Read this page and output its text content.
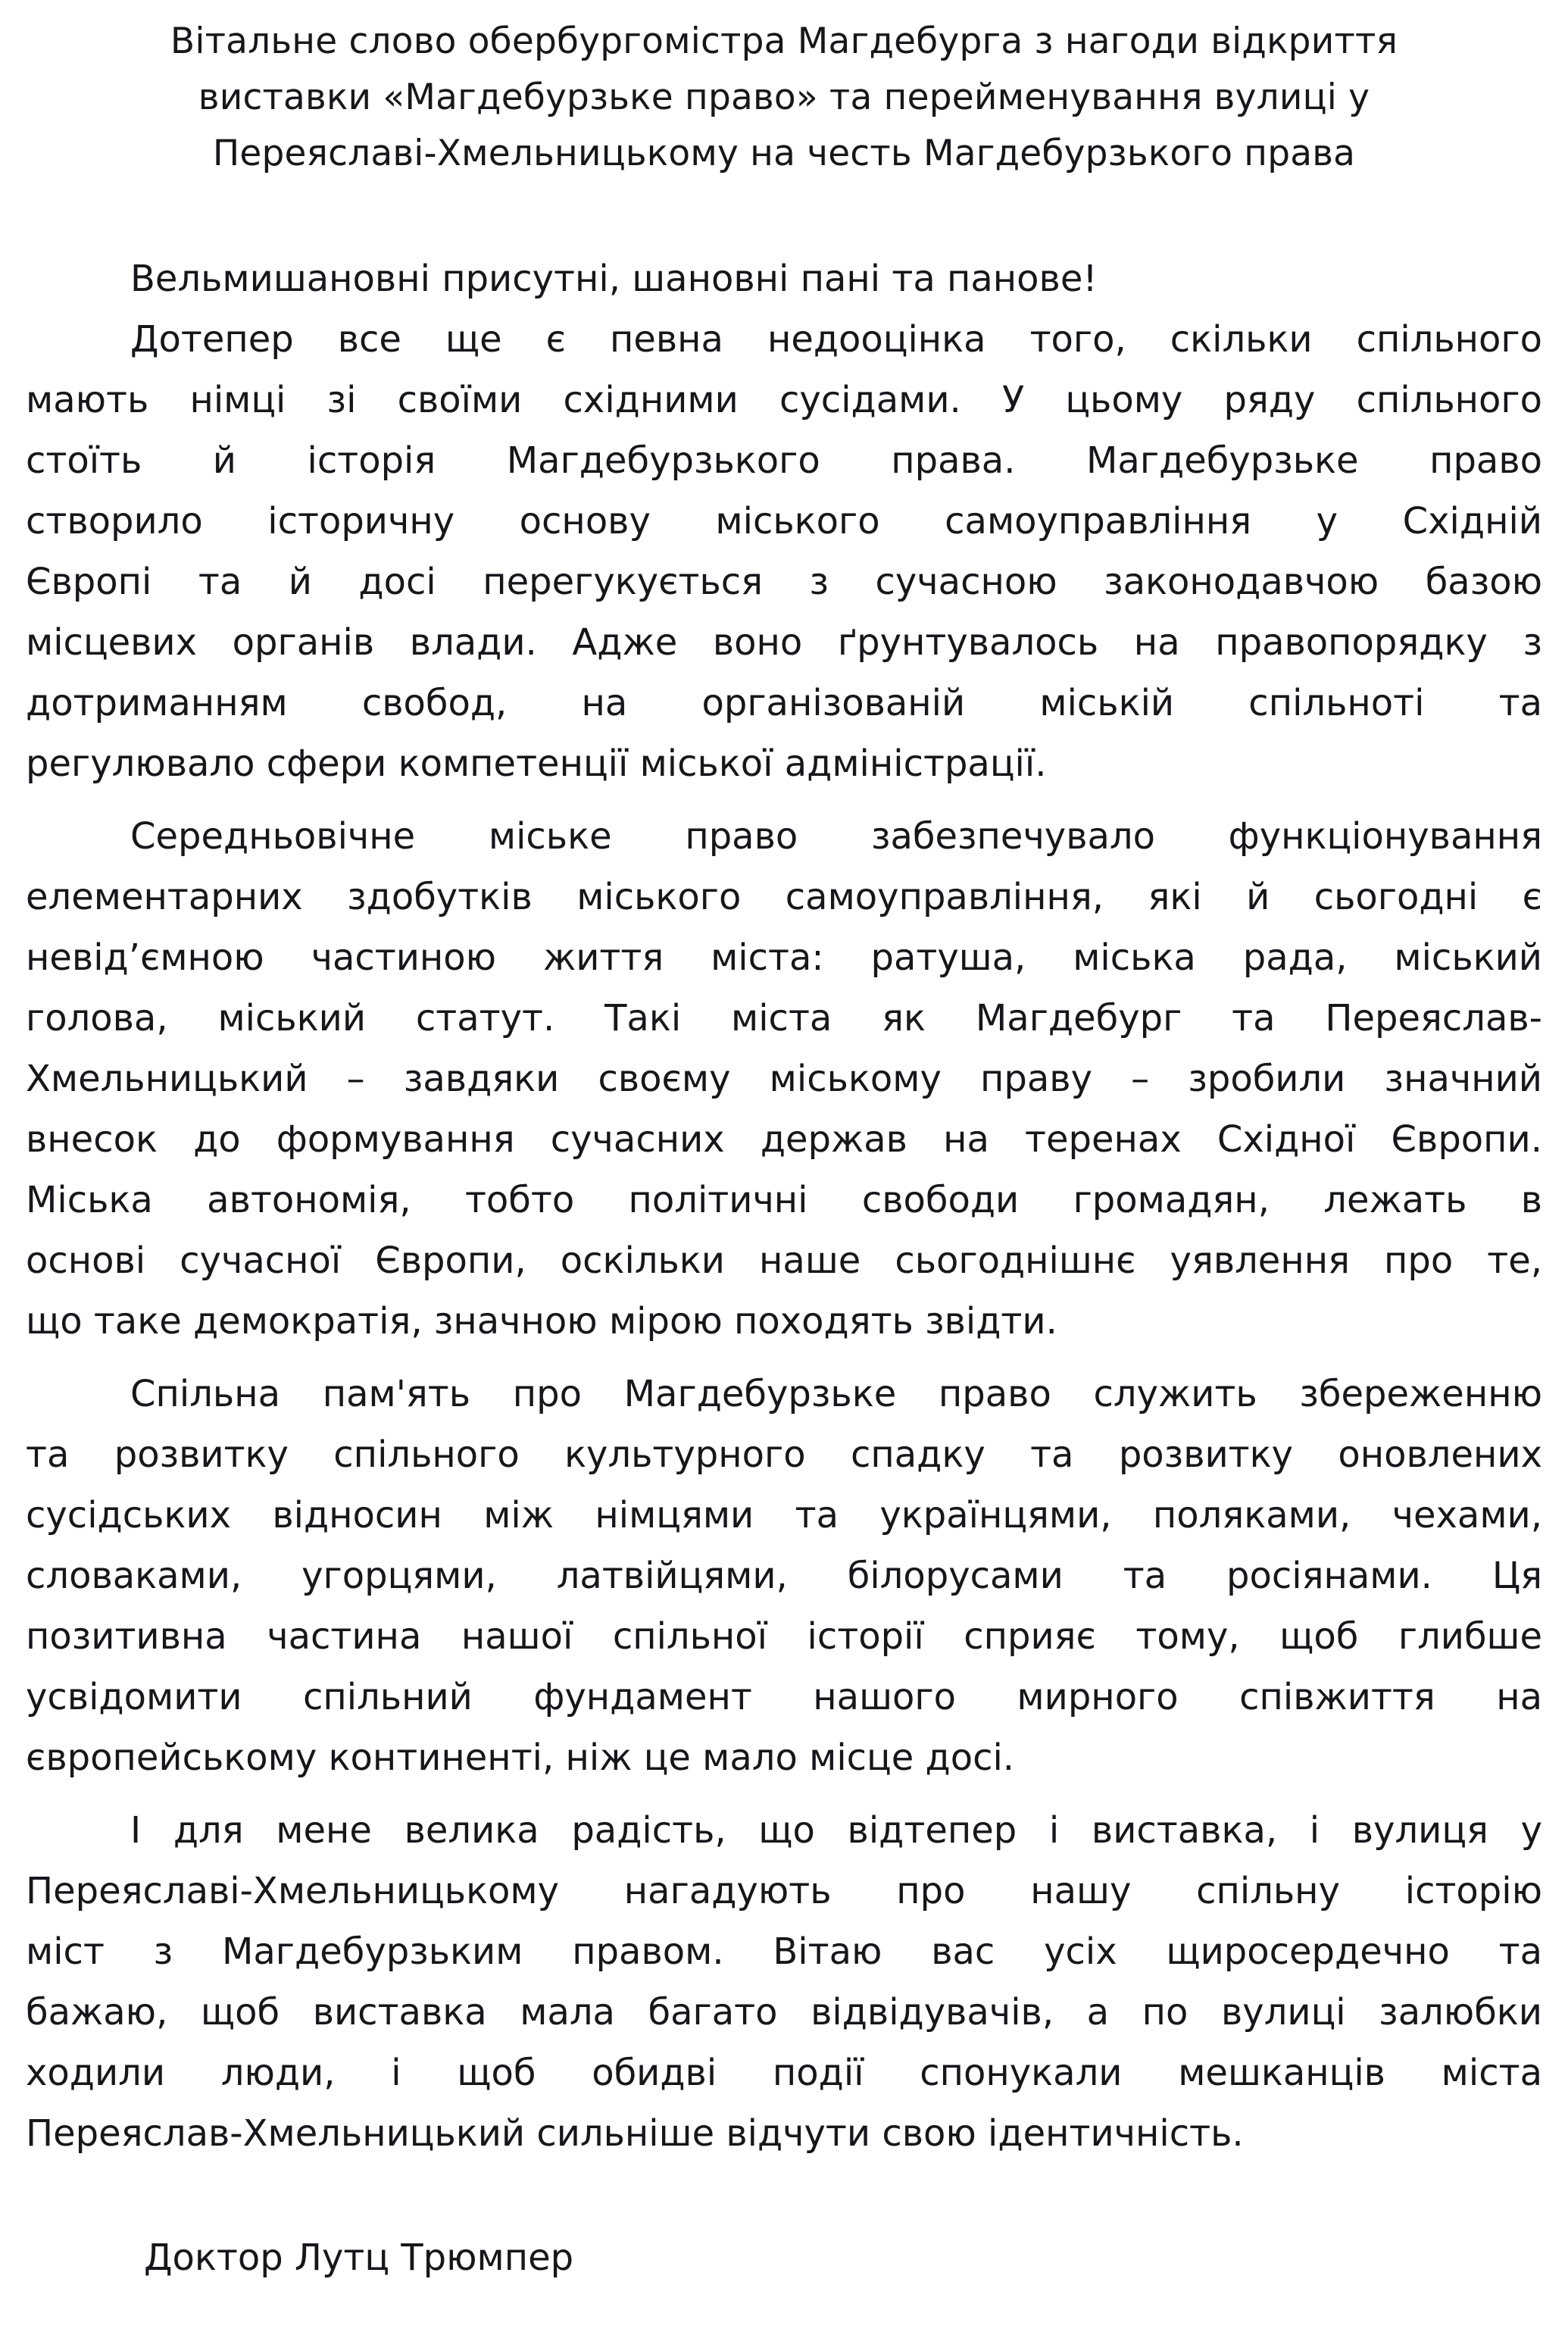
Вітальне слово обербургомістра Магдебурга з нагоди відкриття
виставки «Магдебурзьке право» та перейменування вулиці у
Переяславі-Хмельницькому на честь Магдебурзького права

Вельмишановні присутні, шановні пані та панове!

Дотепер все ще є певна недооцінка того, скільки спільного

мають німці зі своїми східними сусідами. У цьому ряду спільного

стоїть й історія Магдебурзького права. Магдебурзьке право

створило історичну основу міського самоуправління у Східній

Європі та й досі перегукується з сучасною законодавчою базою

місцевих органів влади. Адже воно ґрунтувалось на правопорядку з

дотриманням свобод, на організованій міській спільноті та

регулювало сфери компетенції міської адміністрації.

Середньовічне міське право забезпечувало функціонування

елементарних здобутків міського самоуправління, які й сьогодні є

невід’ємною частиною життя міста: ратуша, міська рада, міський

голова, міський статут. Такі міста як Магдебург та Переяслав-

Хмельницький – завдяки своєму міському праву – зробили значний

внесок до формування сучасних держав на теренах Східної Європи.

Міська автономія, тобто політичні свободи громадян, лежать в

основі сучасної Європи, оскільки наше сьогоднішнє уявлення про те,

що таке демократія, значною мірою походять звідти.

Спільна пам'ять про Магдебурзьке право служить збереженню

та розвитку спільного культурного спадку та розвитку оновлених

сусідських відносин між німцями та українцями, поляками, чехами,

словаками, угорцями, латвійцями, білорусами та росіянами. Ця

позитивна частина нашої спільної історії сприяє тому, щоб глибше

усвідомити спільний фундамент нашого мирного співжиття на

європейському континенті, ніж це мало місце досі.

І для мене велика радість, що відтепер і виставка, і вулиця у

Переяславі-Хмельницькому нагадують про нашу спільну історію

міст з Магдебурзьким правом. Вітаю вас усіх щиросердечно та

бажаю, щоб виставка мала багато відвідувачів, а по вулиці залюбки

ходили люди, і щоб обидві події спонукали мешканців міста

Переяслав-Хмельницький сильніше відчути свою ідентичність.

Доктор Лутц Трюмпер
